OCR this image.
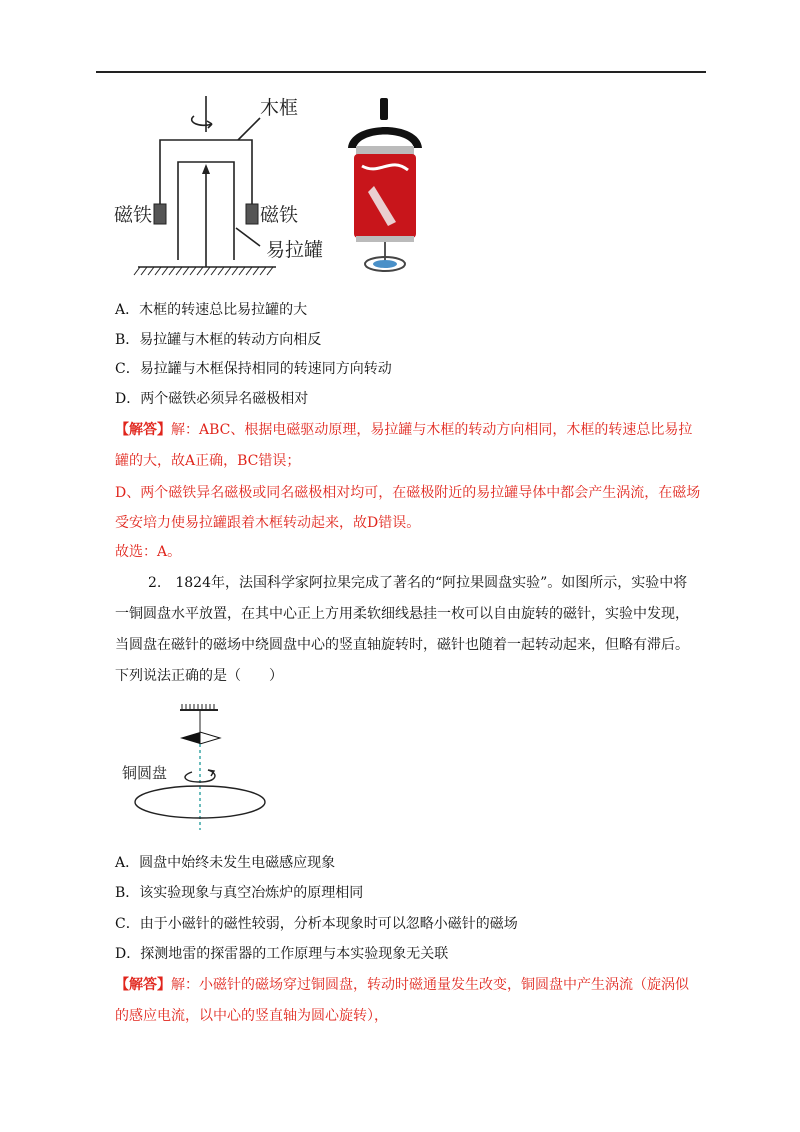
木框
磁铁	磁铁
易拉罐
A．木框的转速总比易拉罐的大
B．易拉罐与木框的转动方向相反
C．易拉罐与木框保持相同的转速同方向转动
D．两个磁铁必须异名磁极相对
【解答】解：ABC、根据电磁驱动原理，易拉罐与木框的转动方向相同，木框的转速总比易拉
罐的大，故A正确，BC错误；
D、两个磁铁异名磁极或同名磁极相对均可，在磁极附近的易拉罐导体中都会产生涡流，在磁场
受安培力使易拉罐跟着木框转动起来，故D错误。
故选：A。
2.　1824年，法国科学家阿拉果完成了著名的“阿拉果圆盘实验”。如图所示，实验中将
一铜圆盘水平放置，在其中心正上方用柔软细线悬挂一枚可以自由旋转的磁针，实验中发现，
当圆盘在磁针的磁场中绕圆盘中心的竖直轴旋转时，磁针也随着一起转动起来，但略有滞后。
下列说法正确的是（　　）
铜圆盘
A．圆盘中始终未发生电磁感应现象
B．该实验现象与真空冶炼炉的原理相同
C．由于小磁针的磁性较弱，分析本现象时可以忽略小磁针的磁场
D．探测地雷的探雷器的工作原理与本实验现象无关联
【解答】解：小磁针的磁场穿过铜圆盘，转动时磁通量发生改变，铜圆盘中产生涡流（旋涡似
的感应电流，以中心的竖直轴为圆心旋转），
